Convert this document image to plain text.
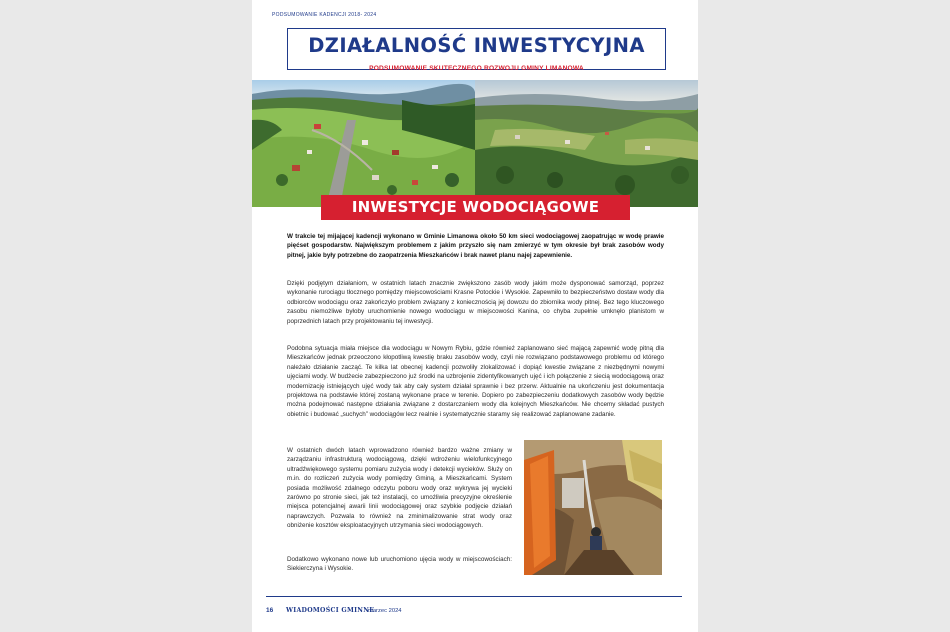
PODSUMOWANIE KADENCJI 2018- 2024
DZIAŁALNOŚĆ INWESTYCYJNA
PODSUMOWANIE SKUTECZNEGO ROZWOJU GMINY LIMANOWA
INWESTYCJE WODOCIĄGOWE
W trakcie tej mijającej kadencji wykonano w Gminie Limanowa około 50 km sieci wodociągowej zaopatrując w wodę prawie pięćset gospodarstw. Największym problemem z jakim przyszło się nam zmierzyć w tym okresie był brak zasobów wody pitnej, jakie były potrzebne do zaopatrzenia Mieszkańców i brak nawet planu najej zapewnienie.
Dzięki podjętym działaniom, w ostatnich latach znacznie zwiększono zasób wody jakim może dysponować samorząd, poprzez wykonanie rurociągu tłocznego pomiędzy miejscowościami Krasne Potockie i Wysokie. Zapewniło to bezpieczeństwo dostaw wody dla odbiorców wodociągu oraz zakończyło problem związany z koniecznością jej dowozu do zbiornika wody pitnej. Bez tego kluczowego zasobu niemożliwe byłoby uruchomienie nowego wodociągu w miejscowości Kanina, co chyba zupełnie umknęło planistom w poprzednich latach przy projektowaniu tej inwestycji.
Podobna sytuacja miała miejsce dla wodociągu w Nowym Rybiu, gdzie również zaplanowano sieć mającą zapewnić wodę pitną dla Mieszkańców jednak przeoczono kłopotliwą kwestię braku zasobów wody, czyli nie rozwiązano podstawowego problemu od którego należało działanie zacząć. Te kilka lat obecnej kadencji pozwoliły zlokalizować i dopiąć kwestie związane z niezbędnymi nowymi ujęciami wody. W budżecie zabezpieczono już środki na uzbrojenie zidentyfikowanych ujęć i ich połączenie z siecią wodociągową oraz modernizację istniejących ujęć wody tak aby cały system działał sprawnie i bez przerw. Aktualnie na ukończeniu jest dokumentacja projektowa na podstawie której zostaną wykonane prace w terenie. Dopiero po zabezpieczeniu dodatkowych zasobów wody będzie można podejmować następne działania związane z dostarczaniem wody dla kolejnych Mieszkańców. Nie chcemy składać pustych obietnic i budować „suchych” wodociągów lecz realnie i systematycznie staramy się realizować zaplanowane zadanie.
W ostatnich dwóch latach wprowadzono również bardzo ważne zmiany w zarządzaniu infrastrukturą wodociągową, dzięki wdrożeniu wielofunkcyjnego ultradźwiękowego systemu pomiaru zużycia wody i detekcji wycieków. Służy on m.in. do rozliczeń zużycia wody pomiędzy Gminą, a Mieszkańcami. System posiada możliwość zdalnego odczytu poboru wody oraz wykrywa jej wycieki zarówno po stronie sieci, jak też instalacji, co umożliwia precyzyjne określenie miejsca potencjalnej awarii linii wodociągowej oraz szybkie podjęcie działań naprawczych. Pozwala to również na zminimalizowanie strat wody oraz obniżenie kosztów eksploatacyjnych utrzymania sieci wodociągowych.
Dodatkowo wykonano nowe lub uruchomiono ujęcia wody w miejscowościach: Siekierczyna i Wysokie.
16 WIADOMOŚCI GMINNE
marzec 2024
